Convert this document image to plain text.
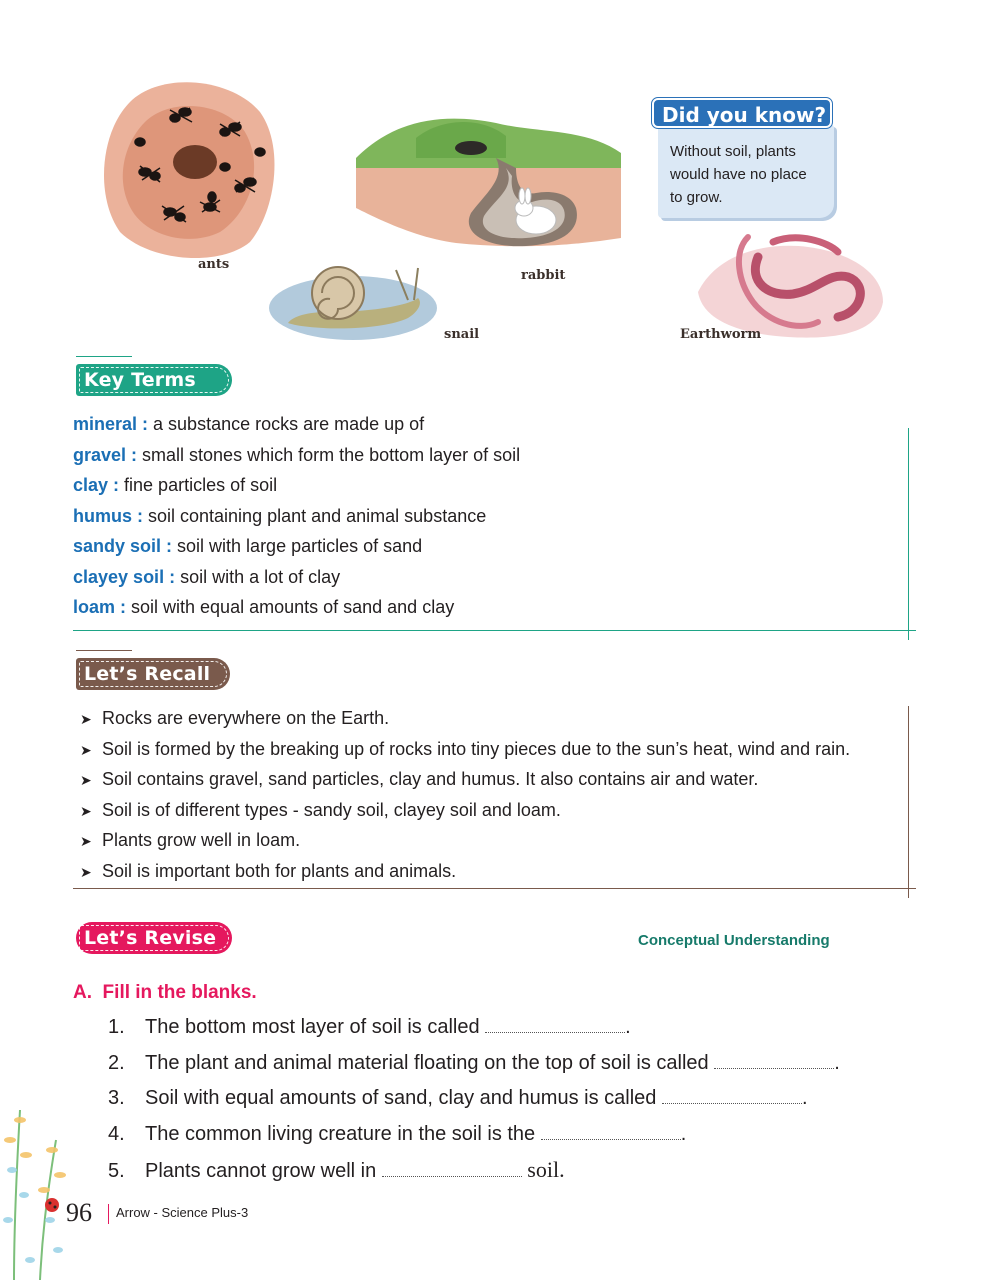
ants
rabbit
snail	Earthworm
Did you know?
Without soil, plants
would have no place
to grow.
Key Terms
mineral : a substance rocks are made up of
gravel : small stones which form the bottom layer of soil
clay : fine particles of soil
humus : soil containing plant and animal substance
sandy soil : soil with large particles of sand
clayey soil : soil with a lot of clay
loam : soil with equal amounts of sand and clay
Let’s Recall
➤ Rocks are everywhere on the Earth.
➤ Soil is formed by the breaking up of rocks into tiny pieces due to the sun’s heat, wind and rain.
➤ Soil contains gravel, sand particles, clay and humus. It also contains air and water.
➤ Soil is of different types - sandy soil, clayey soil and loam.
➤ Plants grow well in loam.
➤ Soil is important both for plants and animals.
Let’s Revise	Conceptual Understanding
A.  Fill in the blanks.
1. The bottom most layer of soil is called	.
2. The plant and animal material floating on the top of soil is called	.
3. Soil with equal amounts of sand, clay and humus is called	.
4. The common living creature in the soil is the	.
5. Plants cannot grow well in	soil.
96 Arrow - Science Plus-3
